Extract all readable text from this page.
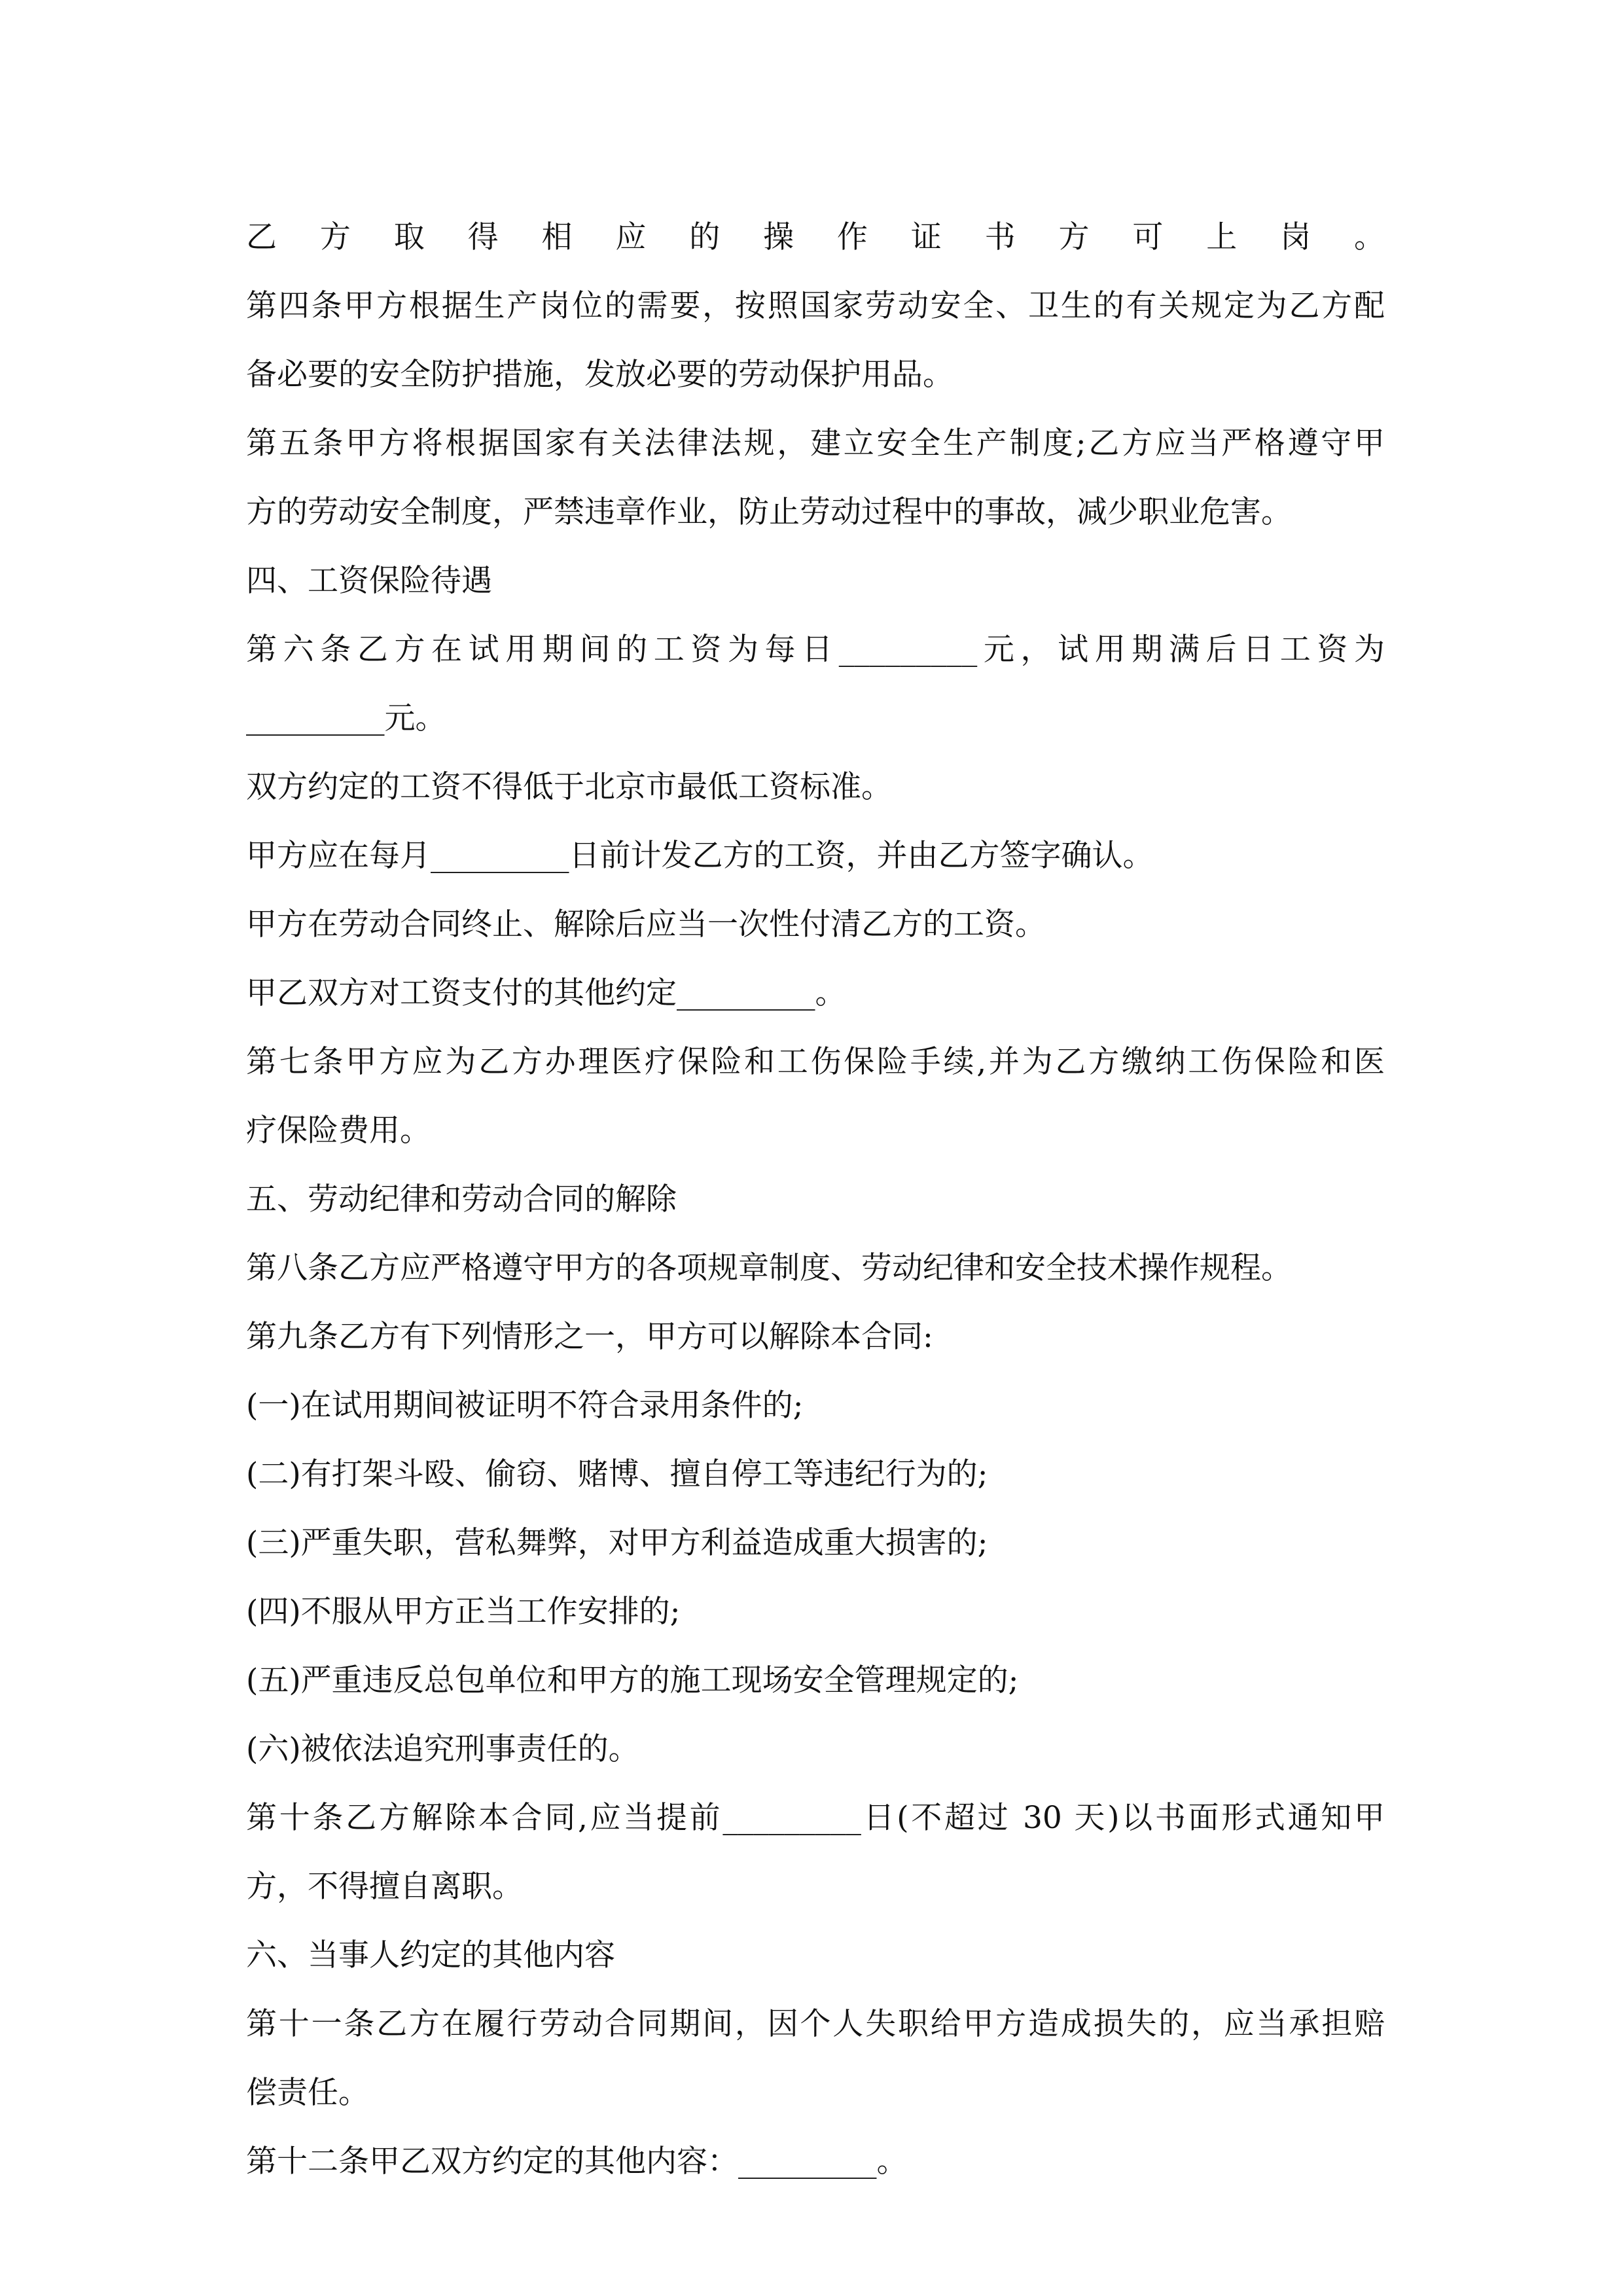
乙方取得相应的操作证书方可上岗。

第四条甲方根据生产岗位的需要，按照国家劳动安全、卫生的有关规定为乙方配

备必要的安全防护措施，发放必要的劳动保护用品。

第五条甲方将根据国家有关法律法规，建立安全生产制度;乙方应当严格遵守甲

方的劳动安全制度，严禁违章作业，防止劳动过程中的事故，减少职业危害。

四、工资保险待遇

第六条乙方在试用期间的工资为每日_________元，试用期满后日工资为

_________元。

双方约定的工资不得低于北京市最低工资标准。

甲方应在每月_________日前计发乙方的工资，并由乙方签字确认。

甲方在劳动合同终止、解除后应当一次性付清乙方的工资。

甲乙双方对工资支付的其他约定_________。

第七条甲方应为乙方办理医疗保险和工伤保险手续,并为乙方缴纳工伤保险和医

疗保险费用。

五、劳动纪律和劳动合同的解除

第八条乙方应严格遵守甲方的各项规章制度、劳动纪律和安全技术操作规程。

第九条乙方有下列情形之一，甲方可以解除本合同:

(一)在试用期间被证明不符合录用条件的;

(二)有打架斗殴、偷窃、赌博、擅自停工等违纪行为的;

(三)严重失职，营私舞弊，对甲方利益造成重大损害的;

(四)不服从甲方正当工作安排的;

(五)严重违反总包单位和甲方的施工现场安全管理规定的;

(六)被依法追究刑事责任的。

第十条乙方解除本合同,应当提前_________日(不超过 30 天)以书面形式通知甲

方，不得擅自离职。

六、当事人约定的其他内容

第十一条乙方在履行劳动合同期间，因个人失职给甲方造成损失的，应当承担赔

偿责任。

第十二条甲乙双方约定的其他内容：_________。
